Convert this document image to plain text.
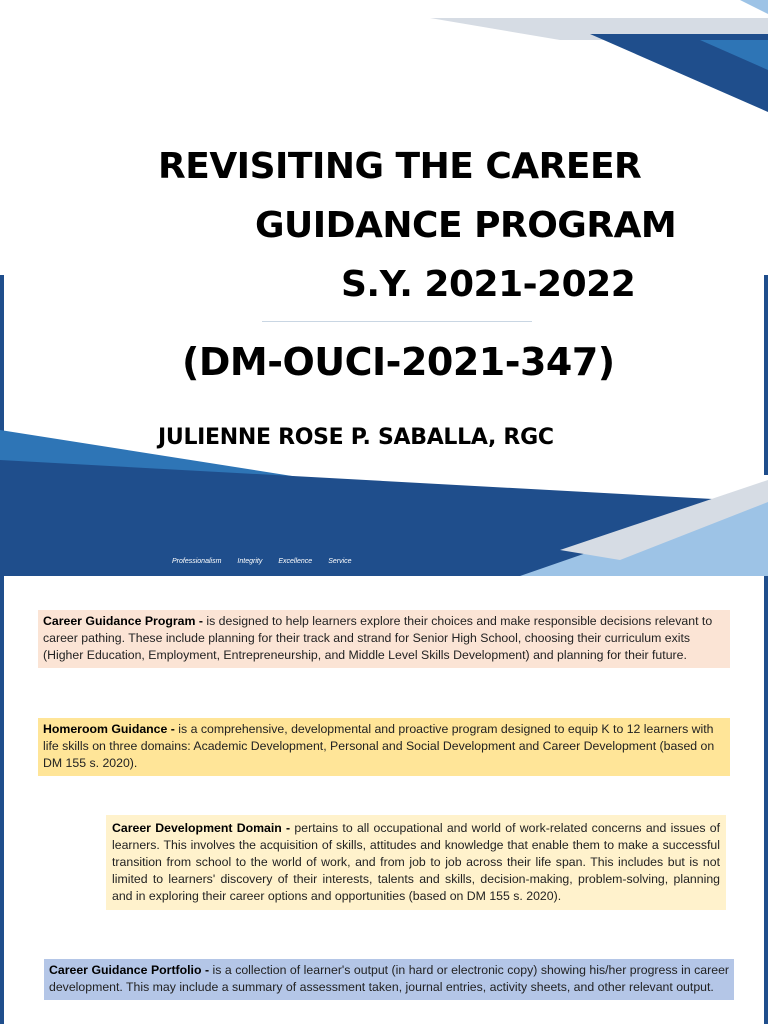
REVISITING THE CAREER
GUIDANCE PROGRAM
S.Y. 2021-2022
(DM-OUCI-2021-347)
JULIENNE ROSE P. SABALLA, RGC
Professionalism Integrity Excellence Service
Career Guidance Program - is designed to help learners explore their choices and make responsible decisions relevant to career pathing. These include planning for their track and strand for Senior High School, choosing their curriculum exits (Higher Education, Employment, Entrepreneurship, and Middle Level Skills Development) and planning for their future.
Homeroom Guidance - is a comprehensive, developmental and proactive program designed to equip K to 12 learners with life skills on three domains: Academic Development, Personal and Social Development and Career Development (based on DM 155 s. 2020).
Career Development Domain - pertains to all occupational and world of work-related concerns and issues of learners. This involves the acquisition of skills, attitudes and knowledge that enable them to make a successful transition from school to the world of work, and from job to job across their life span. This includes but is not limited to learners' discovery of their interests, talents and skills, decision-making, problem-solving, planning and in exploring their career options and opportunities (based on DM 155 s. 2020).
Career Guidance Portfolio - is a collection of learner's output (in hard or electronic copy) showing his/her progress in career development. This may include a summary of assessment taken, journal entries, activity sheets, and other relevant output.
